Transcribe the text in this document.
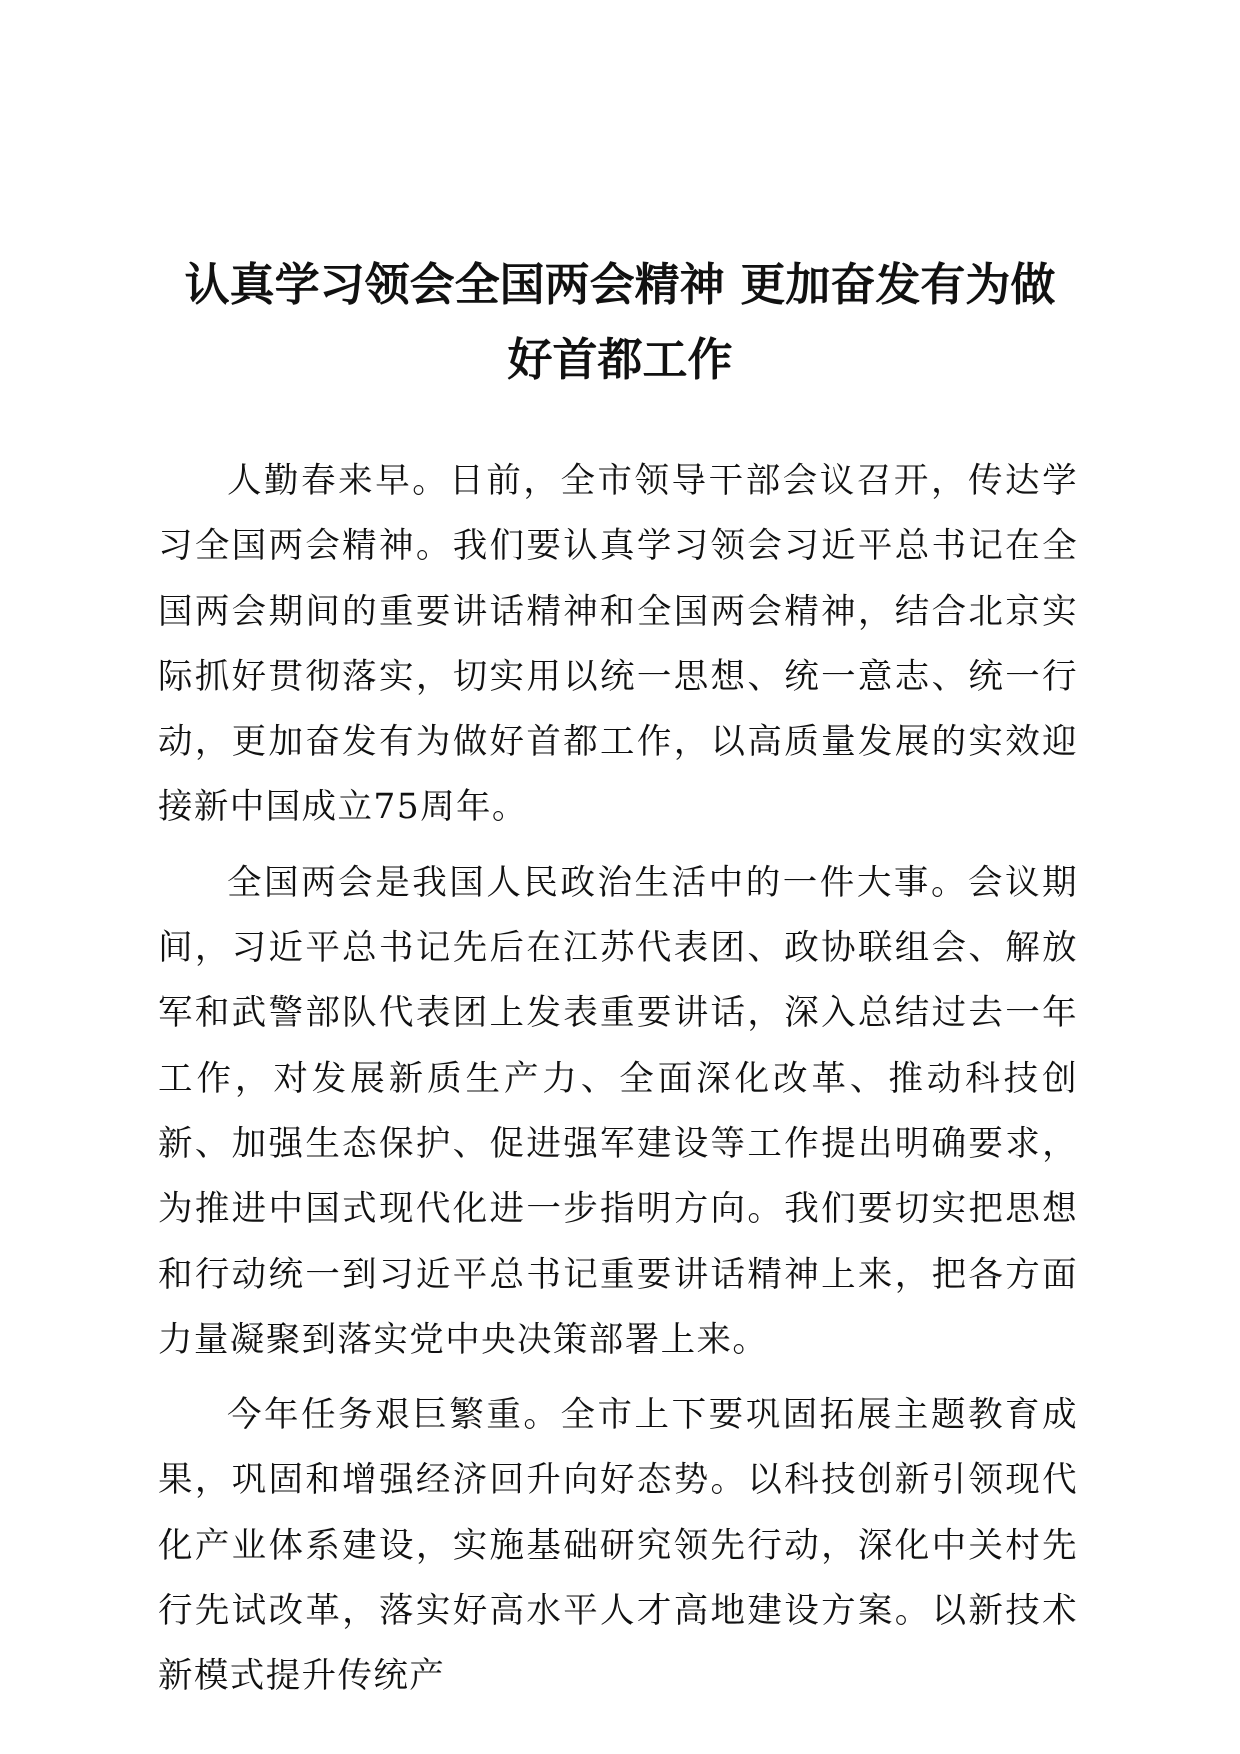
认真学习领会全国两会精神 更加奋发有为做
好首都工作

人勤春来早。日前，全市领导干部会议召开，传达学习全国两会精神。我们要认真学习领会习近平总书记在全国两会期间的重要讲话精神和全国两会精神，结合北京实际抓好贯彻落实，切实用以统一思想、统一意志、统一行动，更加奋发有为做好首都工作，以高质量发展的实效迎接新中国成立75周年。

全国两会是我国人民政治生活中的一件大事。会议期间，习近平总书记先后在江苏代表团、政协联组会、解放军和武警部队代表团上发表重要讲话，深入总结过去一年工作，对发展新质生产力、全面深化改革、推动科技创新、加强生态保护、促进强军建设等工作提出明确要求，为推进中国式现代化进一步指明方向。我们要切实把思想和行动统一到习近平总书记重要讲话精神上来，把各方面力量凝聚到落实党中央决策部署上来。

今年任务艰巨繁重。全市上下要巩固拓展主题教育成果，巩固和增强经济回升向好态势。以科技创新引领现代化产业体系建设，实施基础研究领先行动，深化中关村先行先试改革，落实好高水平人才高地建设方案。以新技术新模式提升传统产
